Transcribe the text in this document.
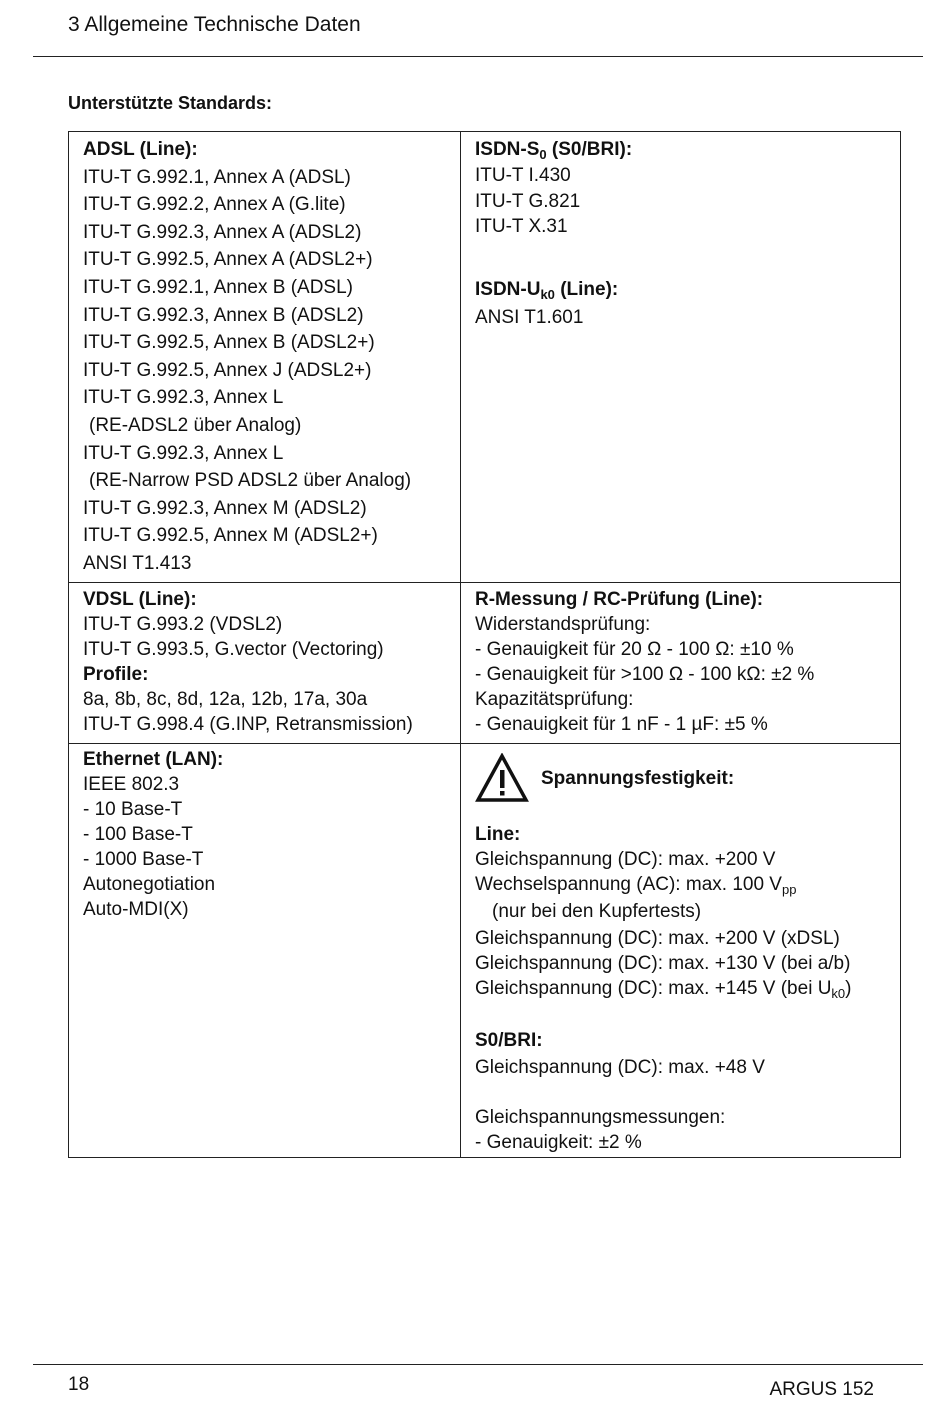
3 Allgemeine Technische Daten
Unterstützte Standards:
ADSL (Line):
ITU-T G.992.1, Annex A (ADSL)
ITU-T G.992.2, Annex A (G.lite)
ITU-T G.992.3, Annex A (ADSL2)
ITU-T G.992.5, Annex A (ADSL2+)
ITU-T G.992.1, Annex B (ADSL)
ITU-T G.992.3, Annex B (ADSL2)
ITU-T G.992.5, Annex B (ADSL2+)
ITU-T G.992.5, Annex J (ADSL2+)
ITU-T G.992.3, Annex L
(RE-ADSL2 über Analog)
ITU-T G.992.3, Annex L
(RE-Narrow PSD ADSL2 über Analog)
ITU-T G.992.3, Annex M (ADSL2)
ITU-T G.992.5, Annex M (ADSL2+)
ANSI T1.413
ISDN-$S_0$ (S0/BRI):
ITU-T I.430
ITU-T G.821
ITU-T X.31
ISDN-$U_{k0}$ (Line):
ANSI T1.601
VDSL (Line):
ITU-T G.993.2 (VDSL2)
ITU-T G.993.5, G.vector (Vectoring)
Profile:
8a, 8b, 8c, 8d, 12a, 12b, 17a, 30a
ITU-T G.998.4 (G.INP, Retransmission)
R-Messung / RC-Prüfung (Line):
Widerstandsprüfung:
- Genauigkeit für 20 Ω - 100 Ω: ±10 %
- Genauigkeit für >100 Ω - 100 kΩ: ±2 %
Kapazitätsprüfung:
- Genauigkeit für 1 nF - 1 µF: ±5 %
Ethernet (LAN):
IEEE 802.3
- 10 Base-T
- 100 Base-T
- 1000 Base-T
Autonegotiation
Auto-MDI(X)
Spannungsfestigkeit:
Line:
Gleichspannung (DC): max. +200 V
Wechselspannung (AC): max. 100 $V_{pp}$
(nur bei den Kupfertests)
Gleichspannung (DC): max. +200 V (xDSL)
Gleichspannung (DC): max. +130 V (bei a/b)
Gleichspannung (DC): max. +145 V (bei $U_{k0}$)
S0/BRI:
Gleichspannung (DC): max. +48 V
Gleichspannungsmessungen:
- Genauigkeit: ±2 %
18	ARGUS 152
